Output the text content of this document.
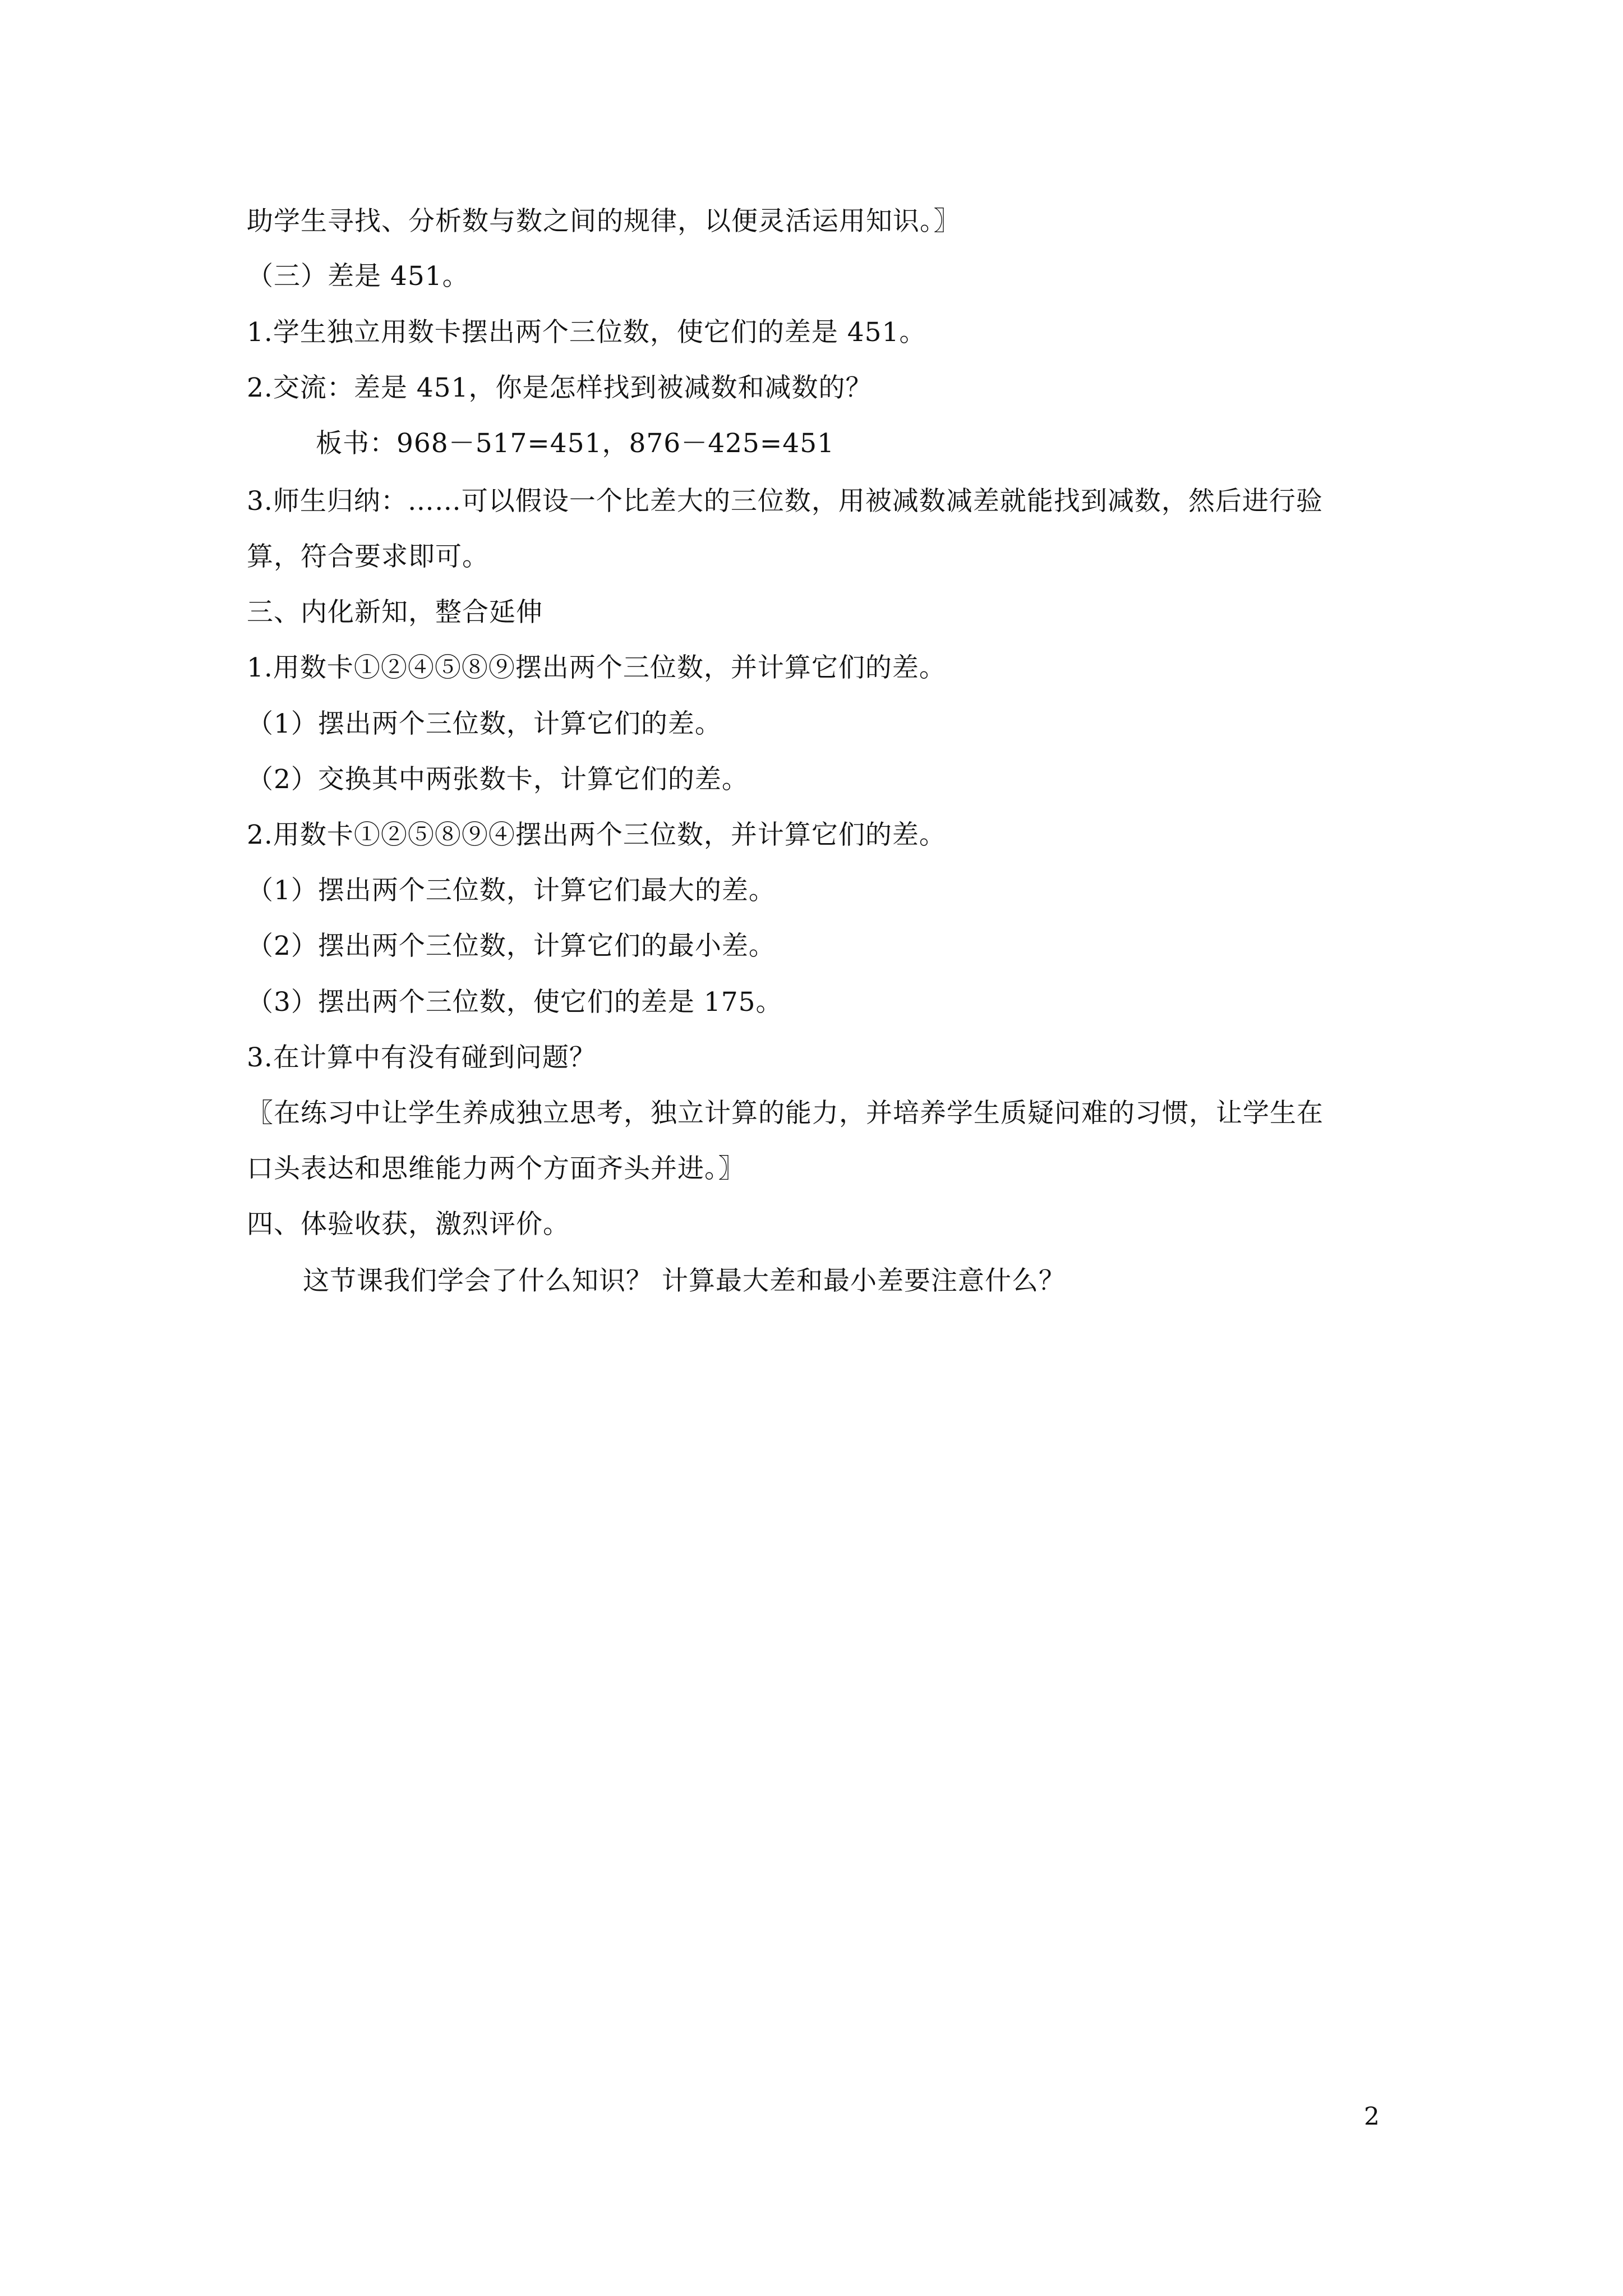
助学生寻找、分析数与数之间的规律，以便灵活运用知识。〗
（三）差是 451。
1.学生独立用数卡摆出两个三位数，使它们的差是 451。
2.交流：差是 451，你是怎样找到被减数和减数的？
板书：968－517=451，876－425=451
3.师生归纳：……可以假设一个比差大的三位数，用被减数减差就能找到减数，然后进行验
算，符合要求即可。
三、内化新知，整合延伸
1.用数卡①②④⑤⑧⑨摆出两个三位数，并计算它们的差。
（1）摆出两个三位数，计算它们的差。
（2）交换其中两张数卡，计算它们的差。
2.用数卡①②⑤⑧⑨④摆出两个三位数，并计算它们的差。
（1）摆出两个三位数，计算它们最大的差。
（2）摆出两个三位数，计算它们的最小差。
（3）摆出两个三位数，使它们的差是 175。
3.在计算中有没有碰到问题？
〖在练习中让学生养成独立思考，独立计算的能力，并培养学生质疑问难的习惯，让学生在
口头表达和思维能力两个方面齐头并进。〗
四、体验收获，激烈评价。
这节课我们学会了什么知识？ 计算最大差和最小差要注意什么？
2
